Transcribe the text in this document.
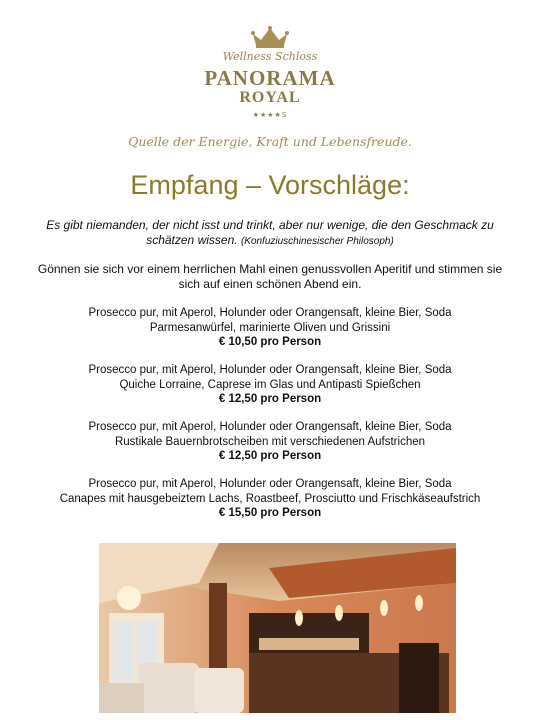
Wellness Schloss
PANORAMA
ROYAL
★★★★S
Quelle der Energie, Kraft und Lebensfreude.
Empfang – Vorschläge:
Es gibt niemanden, der nicht isst und trinkt, aber nur wenige, die den Geschmack zu schätzen wissen. (Konfuziuschinesischer Philosoph)
Gönnen sie sich vor einem herrlichen Mahl einen genussvollen Aperitif und stimmen sie sich auf einen schönen Abend ein.
Prosecco pur, mit Aperol, Holunder oder Orangensaft, kleine Bier, Soda
Parmesanwürfel, marinierte Oliven und Grissini
€ 10,50 pro Person
Prosecco pur, mit Aperol, Holunder oder Orangensaft, kleine Bier, Soda
Quiche Lorraine, Caprese im Glas und Antipasti Spießchen
€ 12,50 pro Person
Prosecco pur, mit Aperol, Holunder oder Orangensaft, kleine Bier, Soda
Rustikale Bauernbrotscheiben mit verschiedenen Aufstrichen
€ 12,50 pro Person
Prosecco pur, mit Aperol, Holunder oder Orangensaft, kleine Bier, Soda
Canapes mit hausgebeiztem Lachs, Roastbeef, Prosciutto und Frischkäseaufstrich
€ 15,50 pro Person
